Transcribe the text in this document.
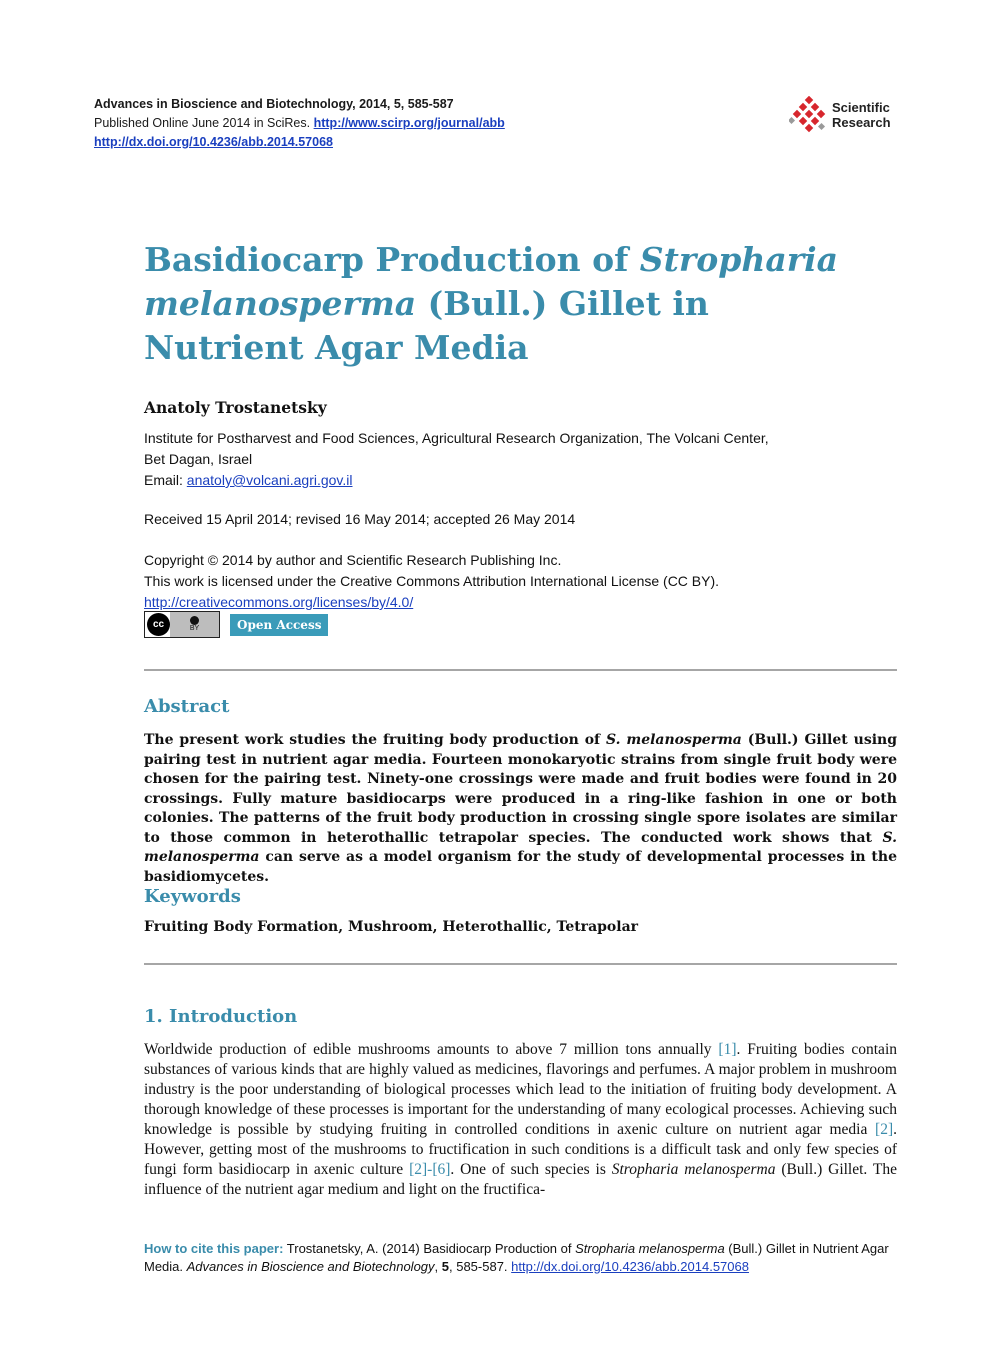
Advances in Bioscience and Biotechnology, 2014, 5, 585-587
Published Online June 2014 in SciRes. http://www.scirp.org/journal/abb
http://dx.doi.org/10.4236/abb.2014.57068
Scientific
Research
Basidiocarp Production of Stropharia melanosperma (Bull.) Gillet in Nutrient Agar Media
Anatoly Trostanetsky
Institute for Postharvest and Food Sciences, Agricultural Research Organization, The Volcani Center,
Bet Dagan, Israel
Email: anatoly@volcani.agri.gov.il
Received 15 April 2014; revised 16 May 2014; accepted 26 May 2014
Copyright © 2014 by author and Scientific Research Publishing Inc.
This work is licensed under the Creative Commons Attribution International License (CC BY).
http://creativecommons.org/licenses/by/4.0/
cc	BY	Open Access
Abstract

The present work studies the fruiting body production of S. melanosperma (Bull.) Gillet using pairing test in nutrient agar media. Fourteen monokaryotic strains from single fruit body were chosen for the pairing test. Ninety-one crossings were made and fruit bodies were found in 20 crossings. Fully mature basidiocarps were produced in a ring-like fashion in one or both colonies. The patterns of the fruit body production in crossing single spore isolates are similar to those common in heterothallic tetrapolar species. The conducted work shows that S. melanosperma can serve as a model organism for the study of developmental processes in the basidiomycetes.

Keywords
Fruiting Body Formation, Mushroom, Heterothallic, Tetrapolar
1. Introduction

Worldwide production of edible mushrooms amounts to above 7 million tons annually [1]. Fruiting bodies contain substances of various kinds that are highly valued as medicines, flavorings and perfumes. A major problem in mushroom industry is the poor understanding of biological processes which lead to the initiation of fruiting body development. A thorough knowledge of these processes is important for the understanding of many ecological processes. Achieving such knowledge is possible by studying fruiting in controlled conditions in axenic culture on nutrient agar media [2]. However, getting most of the mushrooms to fructification in such conditions is a difficult task and only few species of fungi form basidiocarp in axenic culture [2]-[6]. One of such species is Stropharia melanosperma (Bull.) Gillet. The influence of the nutrient agar medium and light on the fructifica-

How to cite this paper: Trostanetsky, A. (2014) Basidiocarp Production of Stropharia melanosperma (Bull.) Gillet in Nutrient Agar Media. Advances in Bioscience and Biotechnology, 5, 585-587. http://dx.doi.org/10.4236/abb.2014.57068
